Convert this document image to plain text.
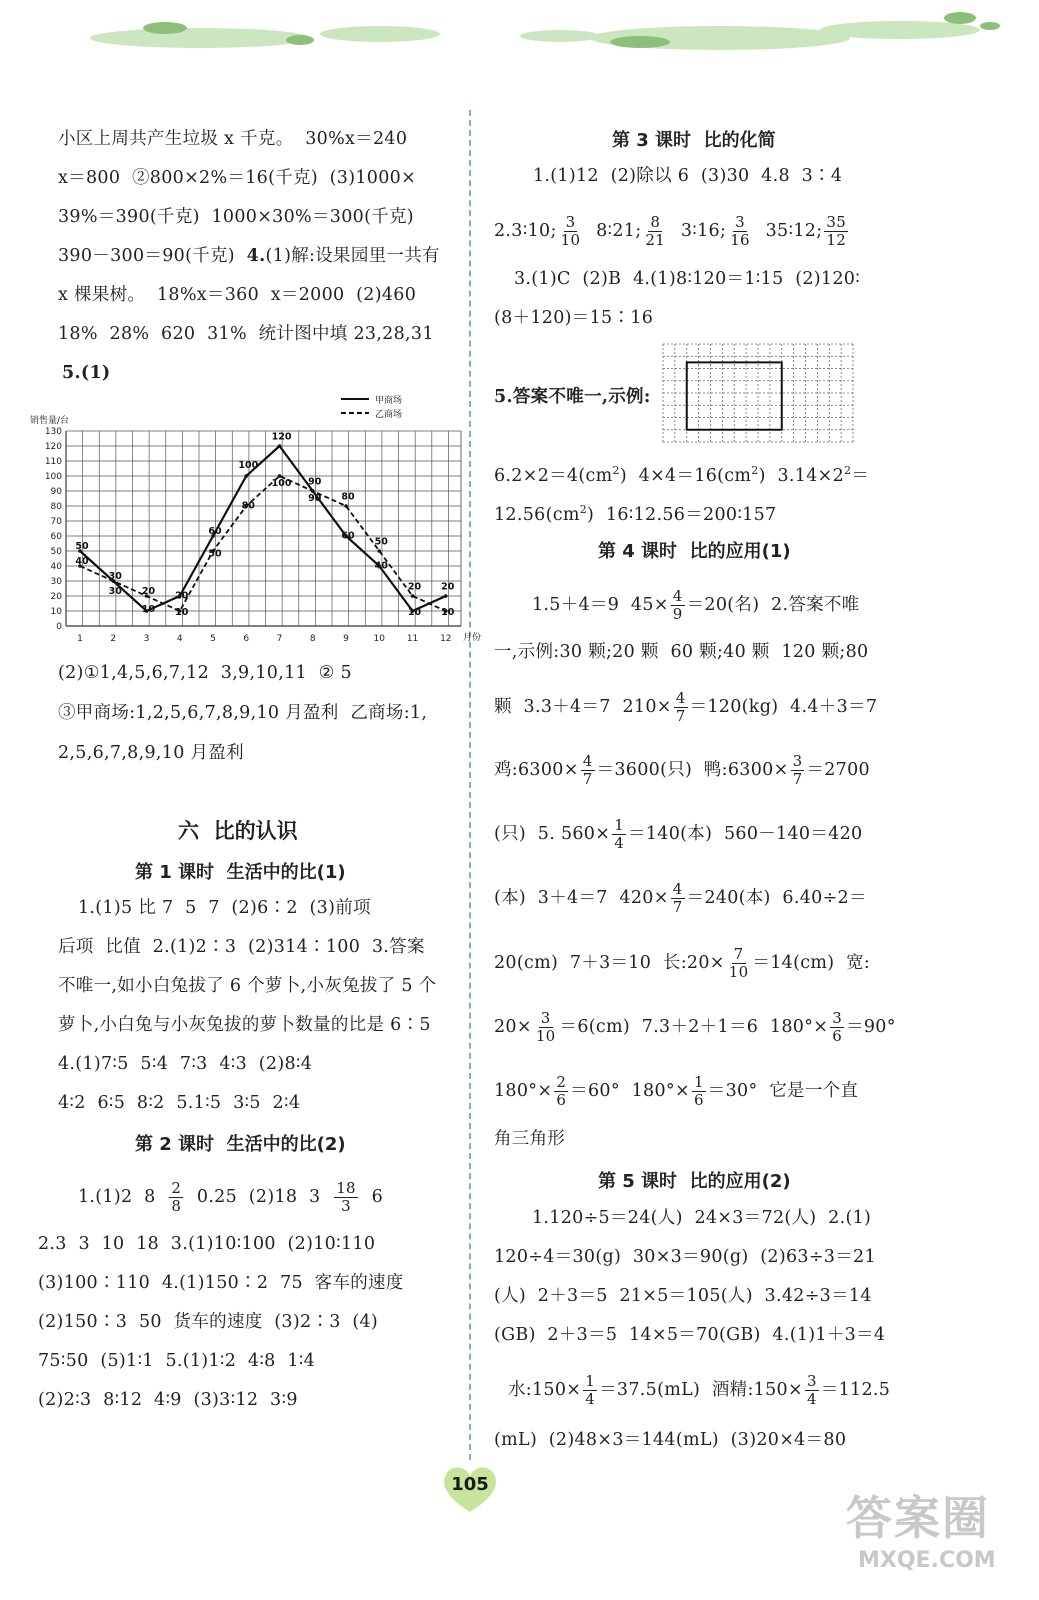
小区上周共产生垃圾 x 千克。  30%x＝240
x＝800  ②800×2%＝16(千克)  (3)1000×
39%＝390(千克)  1000×30%＝300(千克)
390－300＝90(千克)  4.(1)解:设果园里一共有
x 棵果树。  18%x＝360  x＝2000  (2)460
18%  28%  620  31%  统计图中填 23,28,31
5.(1)
0
10
20
30
40
50
60
70
80
90
100
110
120
130
1	2	3	4	5	6	7	8	9	10 11 12 月份
销售量/台
50
40
30
30 20
10
20
10
60
50
100
80
120
100 90
90
60
80
50
40
20
10
20
10
甲商场
乙商场
(2)①1,4,5,6,7,12  3,9,10,11  ② 5
③甲商场:1,2,5,6,7,8,9,10 月盈利  乙商场:1,
2,5,6,7,8,9,10 月盈利
六  比的认识
第 1 课时  生活中的比(1)
1.(1)5 比 7  5  7  (2)6∶2  (3)前项
后项  比值  2.(1)2∶3  (2)314∶100  3.答案
不唯一,如小白兔拔了 6 个萝卜,小灰兔拔了 5 个
萝卜,小白兔与小灰兔拔的萝卜数量的比是 6∶5
4.(1)7∶5  5∶4  7∶3  4∶3  (2)8∶4
4∶2  6∶5  8∶2  5.1∶5  3∶5  2∶4
第 2 课时  生活中的比(2)
1.(1)2  $8 \frac{2}{8} 0.25$  (2)18  $3 \frac{18}{3} 6$
2.3  3  10  18  3.(1)10∶100  (2)10∶110
(3)100∶110  4.(1)150∶2  75  客车的速度
(2)150∶3  50  货车的速度  (3)2∶3  (4)
75∶50  (5)1∶1  5.(1)1∶2  4∶8  1∶4
(2)2∶3  8∶12  4∶9  (3)3∶12  3∶9
第 3 课时  比的化简
1.(1)12  (2)除以 6  (3)30  4.8  3∶4
2.3∶10; $\frac{3}{10}$ 8∶21; $\frac{8}{21}$ 3∶16; $\frac{3}{16}$ 35∶12; $\frac{35}{12}$
3.(1)C  (2)B  4.(1)8∶120＝1∶15  (2)120∶
(8＋120)＝15∶16
5.答案不唯一,示例:
$6.2\times 2=4(cm^2)$  $4\times 4=16(cm^2)$  $3.14\times 2^2=$
$12.56(cm^2)$  16∶12.56＝200∶157
第 4 课时  比的应用(1)
1.5＋4＝9  $45\times \frac{4}{9} =20$(名)  2.答案不唯
一,示例:30 颗;20 颗  60 颗;40 颗  120 颗;80
颗  3.3＋4＝7  $210\times \frac{4}{7} =120(kg)$  4.4＋3＝7
鸡:6300× $\frac{4}{7} =3600$(只)  鸭:6300× $\frac{3}{7} =2700$
(只)  5. $560\times \frac{1}{4} =140$(本)  560－140＝420
(本)  3＋4＝7  $420\times \frac{4}{7} =240$(本)  6.40÷2＝
20(cm)  7＋3＝10  长:20× $\frac{7}{10} =14(cm)$  宽:
$20\times \frac{3}{10} =6(cm)$  7.3＋2＋1＝6  $180^\circ\times \frac{3}{6} =90^\circ$
$180^\circ\times \frac{2}{6} =60^\circ$  $180^\circ\times \frac{1}{6} =30^\circ$  它是一个直
角三角形
第 5 课时  比的应用(2)
1.120÷5＝24(人)  24×3＝72(人)  2.(1)
120÷4＝30(g)  30×3＝90(g)  (2)63÷3＝21
(人)  2＋3＝5  21×5＝105(人)  3.42÷3＝14
(GB)  2＋3＝5  14×5＝70(GB)  4.(1)1＋3＝4
水:150× $\frac{1}{4} =37.5(mL)$  酒精:150× $\frac{3}{4} =112.5$
(mL)  (2)48×3＝144(mL)  (3)20×4＝80
105
答案圈
MXQE.COM
